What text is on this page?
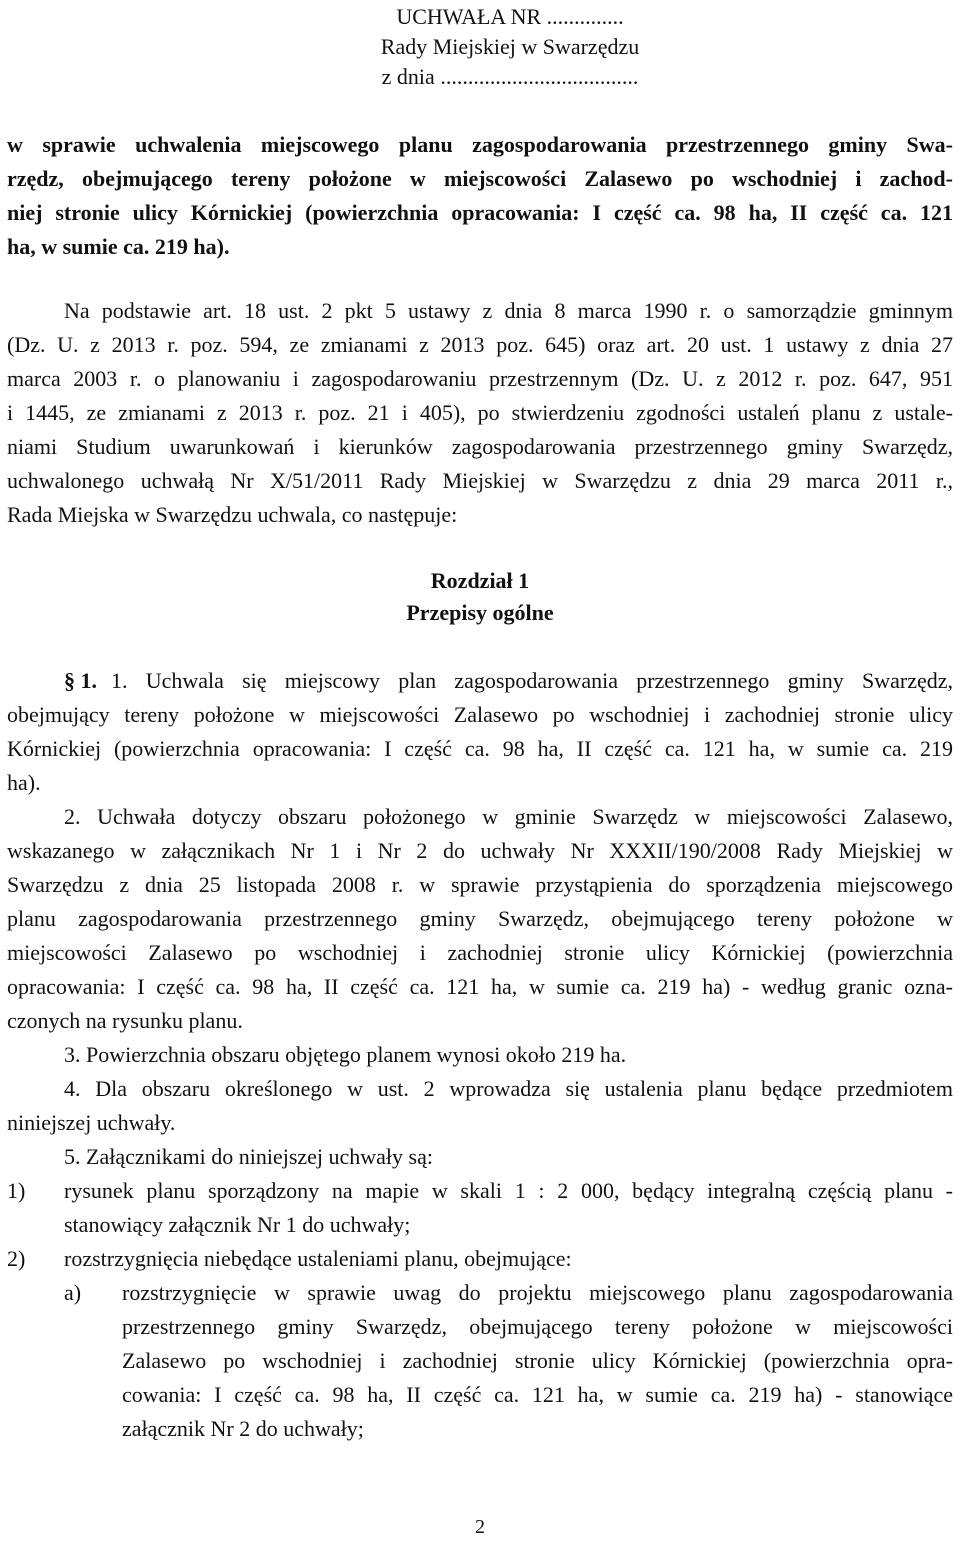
UCHWAŁA NR ..............

Rady Miejskiej w Swarzędzu

z dnia ....................................

w sprawie uchwalenia miejscowego planu zagospodarowania przestrzennego gminy Swa-

rzędz, obejmującego tereny położone w miejscowości Zalasewo po wschodniej i zachod-

niej stronie ulicy Kórnickiej (powierzchnia opracowania: I część ca. 98 ha, II część ca. 121

ha, w sumie ca. 219 ha).

Na podstawie art. 18 ust. 2 pkt 5 ustawy z dnia 8 marca 1990 r. o samorządzie gminnym

(Dz. U. z 2013 r. poz. 594, ze zmianami z 2013 poz. 645) oraz art. 20 ust. 1 ustawy z dnia 27

marca 2003 r. o planowaniu i zagospodarowaniu przestrzennym (Dz. U. z 2012 r. poz. 647, 951

i 1445, ze zmianami z 2013 r. poz. 21 i 405), po stwierdzeniu zgodności ustaleń planu z ustale-

niami Studium uwarunkowań i kierunków zagospodarowania przestrzennego gminy Swarzędz,

uchwalonego uchwałą Nr X/51/2011 Rady Miejskiej w Swarzędzu z dnia 29 marca 2011 r.,

Rada Miejska w Swarzędzu uchwala, co następuje:

Rozdział 1

Przepisy ogólne

§ 1. 1. Uchwala się miejscowy plan zagospodarowania przestrzennego gminy Swarzędz,

obejmujący tereny położone w miejscowości Zalasewo po wschodniej i zachodniej stronie ulicy

Kórnickiej (powierzchnia opracowania: I część ca. 98 ha, II część ca. 121 ha, w sumie ca. 219

ha).

2. Uchwała dotyczy obszaru położonego w gminie Swarzędz w miejscowości Zalasewo,

wskazanego w załącznikach Nr 1 i Nr 2 do uchwały Nr XXXII/190/2008 Rady Miejskiej w

Swarzędzu z dnia 25 listopada 2008 r. w sprawie przystąpienia do sporządzenia miejscowego

planu zagospodarowania przestrzennego gminy Swarzędz, obejmującego tereny położone w

miejscowości Zalasewo po wschodniej i zachodniej stronie ulicy Kórnickiej (powierzchnia

opracowania: I część ca. 98 ha, II część ca. 121 ha, w sumie ca. 219 ha) - według granic ozna-

czonych na rysunku planu.

3. Powierzchnia obszaru objętego planem wynosi około 219 ha.

4. Dla obszaru określonego w ust. 2 wprowadza się ustalenia planu będące przedmiotem

niniejszej uchwały.

5. Załącznikami do niniejszej uchwały są:

1) rysunek planu sporządzony na mapie w skali 1 : 2 000, będący integralną częścią planu -

stanowiący załącznik Nr 1 do uchwały;

2) rozstrzygnięcia niebędące ustaleniami planu, obejmujące:

a) rozstrzygnięcie w sprawie uwag do projektu miejscowego planu zagospodarowania

przestrzennego gminy Swarzędz, obejmującego tereny położone w miejscowości

Zalasewo po wschodniej i zachodniej stronie ulicy Kórnickiej (powierzchnia opra-

cowania: I część ca. 98 ha, II część ca. 121 ha, w sumie ca. 219 ha) - stanowiące

załącznik Nr 2 do uchwały;

2
